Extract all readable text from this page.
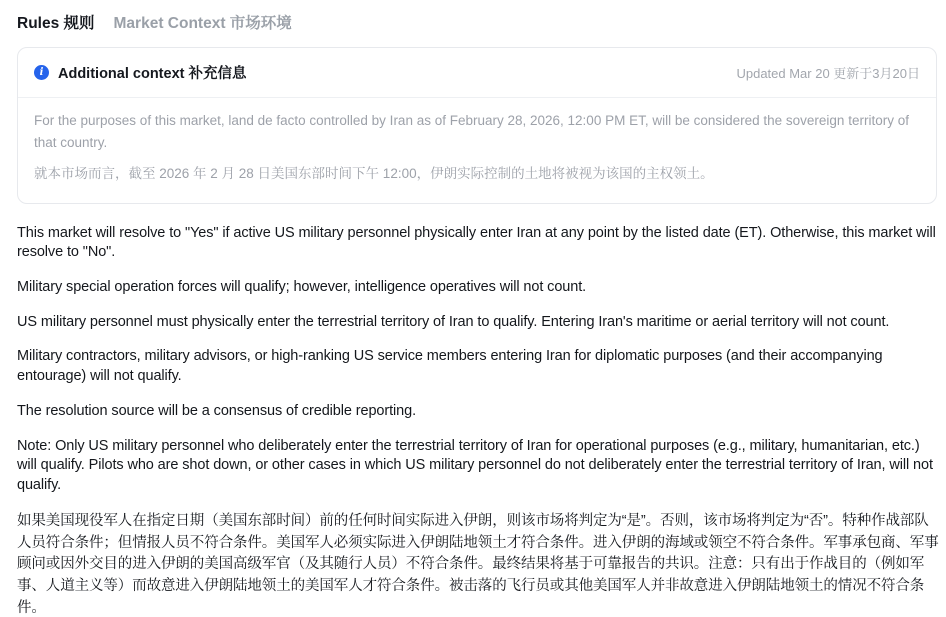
Rules 规则 Market Context 市场环境
i	Additional context 补充信息	Updated Mar 20 更新于3月20日

For the purposes of this market, land de facto controlled by Iran as of February 28, 2026, 12:00 PM ET, will be considered the sovereign territory of that country.

就本市场而言，截至 2026 年 2 月 28 日美国东部时间下午 12:00，伊朗实际控制的土地将被视为该国的主权领土。

This market will resolve to "Yes" if active US military personnel physically enter Iran at any point by the listed date (ET). Otherwise, this market will resolve to "No".

Military special operation forces will qualify; however, intelligence operatives will not count.

US military personnel must physically enter the terrestrial territory of Iran to qualify. Entering Iran's maritime or aerial territory will not count.

Military contractors, military advisors, or high-ranking US service members entering Iran for diplomatic purposes (and their accompanying entourage) will not qualify.

The resolution source will be a consensus of credible reporting.

Note: Only US military personnel who deliberately enter the terrestrial territory of Iran for operational purposes (e.g., military, humanitarian, etc.) will qualify. Pilots who are shot down, or other cases in which US military personnel do not deliberately enter the terrestrial territory of Iran, will not qualify.

如果美国现役军人在指定日期（美国东部时间）前的任何时间实际进入伊朗，则该市场将判定为“是”。否则，该市场将判定为“否”。特种作战部队人员符合条件；但情报人员不符合条件。美国军人必须实际进入伊朗陆地领土才符合条件。进入伊朗的海域或领空不符合条件。军事承包商、军事顾问或因外交目的进入伊朗的美国高级军官（及其随行人员）不符合条件。最终结果将基于可靠报告的共识。注意：只有出于作战目的（例如军事、人道主义等）而故意进入伊朗陆地领土的美国军人才符合条件。被击落的飞行员或其他美国军人并非故意进入伊朗陆地领土的情况不符合条件。
